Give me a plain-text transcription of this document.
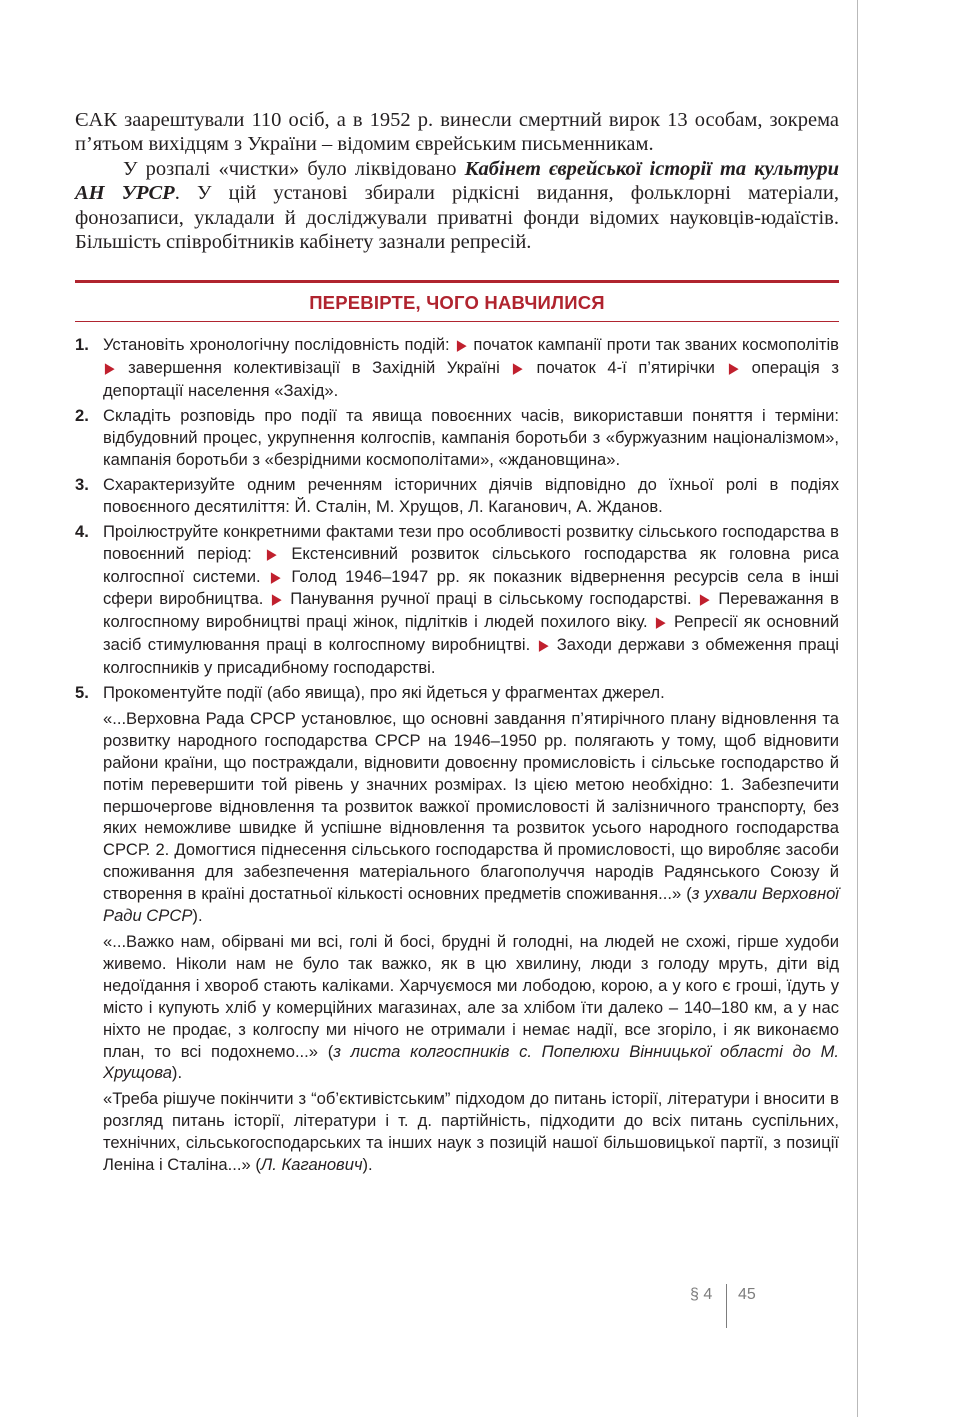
ЄАК заарештували 110 осіб, а в 1952 р. винесли смертний вирок 13 особам, зокрема п’ятьом вихідцям з України – відомим єврейським письменникам.

У розпалі «чистки» було ліквідовано Кабінет єврейської історії та культури АН УРСР. У цій установі збирали рідкісні видання, фольклорні матеріали, фонозаписи, укладали й досліджували приватні фонди відомих науковців-юдаїстів. Більшість співробітників кабінету зазнали репресій.

ПЕРЕВІРТЕ, ЧОГО НАВЧИЛИСЯ
1. Установіть хронологічну послідовність подій: ▶ початок кампанії проти так званих космополітів ▶ завершення колективізації в Західній Україні ▶ початок 4-ї п’ятирічки ▶ операція з депортації населення «Захід».
2. Складіть розповідь про події та явища повоєнних часів, використавши поняття і терміни: відбудовний процес, укрупнення колгоспів, кампанія боротьби з «буржуазним націоналізмом», кампанія боротьби з «безрідними космополітами», «ждановщина».
3. Схарактеризуйте одним реченням історичних діячів відповідно до їхньої ролі в подіях повоєнного десятиліття: Й. Сталін, М. Хрущов, Л. Каганович, А. Жданов.
4. Проілюструйте конкретними фактами тези про особливості розвитку сільського господарства в повоєнний період: ▶ Екстенсивний розвиток сільського господарства як головна риса колгоспної системи. ▶ Голод 1946–1947 рр. як показник відвернення ресурсів села в інші сфери виробництва. ▶ Панування ручної праці в сільському господарстві. ▶ Переважання в колгоспному виробництві праці жінок, підлітків і людей похилого віку. ▶ Репресії як основний засіб стимулювання праці в колгоспному виробництві. ▶ Заходи держави з обмеження праці колгоспників у присадибному господарстві.
5. Прокоментуйте події (або явища), про які йдеться у фрагментах джерел.
«...Верховна Рада СРСР установлює, що основні завдання п’ятирічного плану відновлення та розвитку народного господарства СРСР на 1946–1950 рр. полягають у тому, щоб відновити райони країни, що постраждали, відновити довоєнну промисловість і сільське господарство й потім перевершити той рівень у значних розмірах. Із цією метою необхідно: 1. Забезпечити першочергове відновлення та розвиток важкої промисловості й залізничного транспорту, без яких неможливе швидке й успішне відновлення та розвиток усього народного господарства СРСР. 2. Домогтися піднесення сільського господарства й промисловості, що виробляє засоби споживання для забезпечення матеріального благополуччя народів Радянського Союзу й створення в країні достатньої кількості основних предметів споживання...» (з ухвали Верховної Ради СРСР).
«...Важко нам, обірвані ми всі, голі й босі, брудні й голодні, на людей не схожі, гірше худоби живемо. Ніколи нам не було так важко, як в цю хвилину, люди з голоду мруть, діти від недоїдання і хвороб стають каліками. Харчуємося ми лободою, корою, а у кого є гроші, їдуть у місто і купують хліб у комерційних магазинах, але за хлібом їти далеко – 140–180 км, а у нас ніхто не продає, з колгоспу ми нічого не отримали і немає надії, все згоріло, і як виконаємо план, то всі подохнемо...» (з листа колгоспників с. Попелюхи Вінницької області до М. Хрущова).
«Треба рішуче покінчити з “об’єктивістським” підходом до питань історії, літератури і вносити в розгляд питань історії, літератури і т. д. партійність, підходити до всіх питань суспільних, технічних, сільськогосподарських та інших наук з позицій нашої більшовицької партії, з позиції Леніна і Сталіна...» (Л. Каганович).
§ 4 45
